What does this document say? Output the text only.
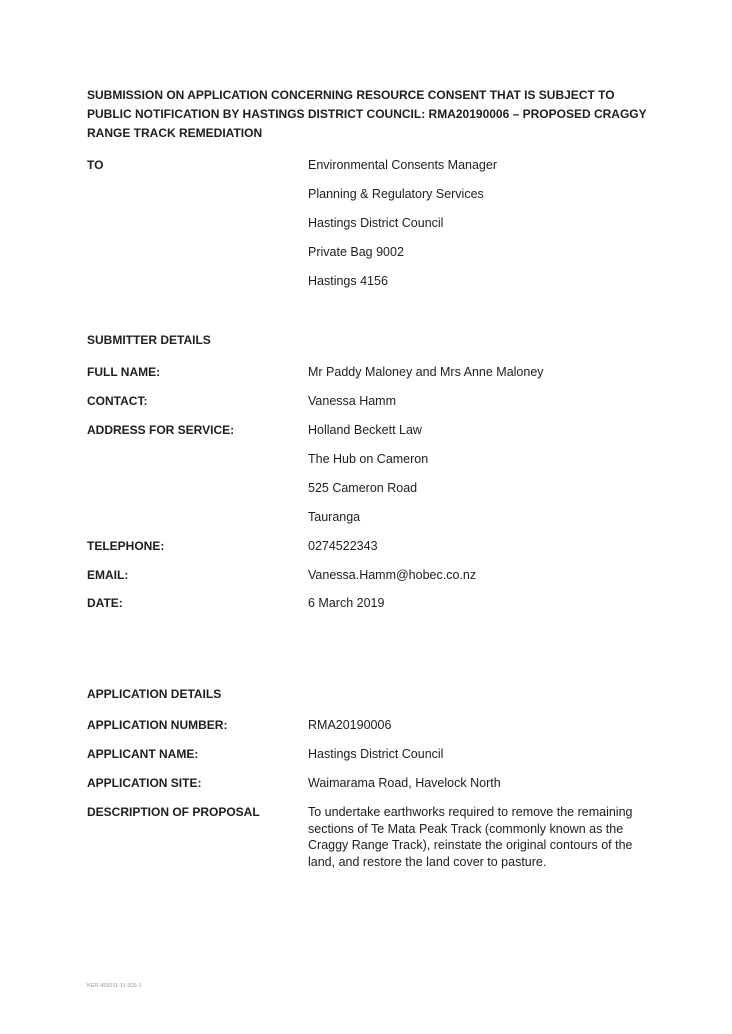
SUBMISSION ON APPLICATION CONCERNING RESOURCE CONSENT THAT IS SUBJECT TO PUBLIC NOTIFICATION BY HASTINGS DISTRICT COUNCIL: RMA20190006 – PROPOSED CRAGGY RANGE TRACK REMEDIATION
TO	Environmental Consents Manager
Planning & Regulatory Services
Hastings District Council
Private Bag 9002
Hastings 4156
SUBMITTER DETAILS
FULL NAME:	Mr Paddy Maloney and Mrs Anne Maloney
CONTACT:	Vanessa Hamm
ADDRESS FOR SERVICE:	Holland Beckett Law
The Hub on Cameron
525 Cameron Road
Tauranga
TELEPHONE:	0274522343
EMAIL:	Vanessa.Hamm@hobec.co.nz
DATE:	6 March 2019
APPLICATION DETAILS
APPLICATION NUMBER:	RMA20190006
APPLICANT NAME:	Hastings District Council
APPLICATION SITE:	Waimarama Road, Havelock North
DESCRIPTION OF PROPOSAL	To undertake earthworks required to remove the remaining sections of Te Mata Peak Track (commonly known as the Craggy Range Track), reinstate the original contours of the land, and restore the land cover to pasture.
KER-459211-11-305-1
